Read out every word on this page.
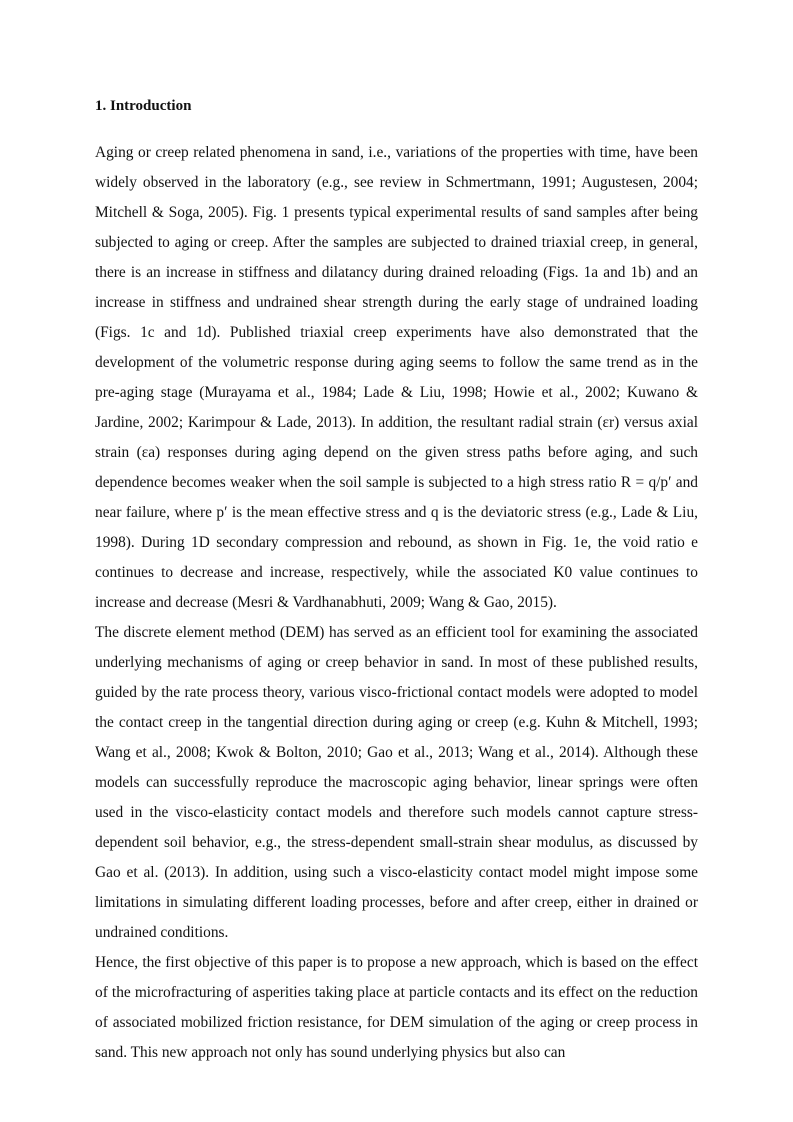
1. Introduction

Aging or creep related phenomena in sand, i.e., variations of the properties with time, have been widely observed in the laboratory (e.g., see review in Schmertmann, 1991; Augustesen, 2004; Mitchell & Soga, 2005). Fig. 1 presents typical experimental results of sand samples after being subjected to aging or creep. After the samples are subjected to drained triaxial creep, in general, there is an increase in stiffness and dilatancy during drained reloading (Figs. 1a and 1b) and an increase in stiffness and undrained shear strength during the early stage of undrained loading (Figs. 1c and 1d). Published triaxial creep experiments have also demonstrated that the development of the volumetric response during aging seems to follow the same trend as in the pre-aging stage (Murayama et al., 1984; Lade & Liu, 1998; Howie et al., 2002; Kuwano & Jardine, 2002; Karimpour & Lade, 2013). In addition, the resultant radial strain (εr) versus axial strain (εa) responses during aging depend on the given stress paths before aging, and such dependence becomes weaker when the soil sample is subjected to a high stress ratio R = q/p′ and near failure, where p′ is the mean effective stress and q is the deviatoric stress (e.g., Lade & Liu, 1998). During 1D secondary compression and rebound, as shown in Fig. 1e, the void ratio e continues to decrease and increase, respectively, while the associated K0 value continues to increase and decrease (Mesri & Vardhanabhuti, 2009; Wang & Gao, 2015).

The discrete element method (DEM) has served as an efficient tool for examining the associated underlying mechanisms of aging or creep behavior in sand. In most of these published results, guided by the rate process theory, various visco-frictional contact models were adopted to model the contact creep in the tangential direction during aging or creep (e.g. Kuhn & Mitchell, 1993; Wang et al., 2008; Kwok & Bolton, 2010; Gao et al., 2013; Wang et al., 2014). Although these models can successfully reproduce the macroscopic aging behavior, linear springs were often used in the visco-elasticity contact models and therefore such models cannot capture stress-dependent soil behavior, e.g., the stress-dependent small-strain shear modulus, as discussed by Gao et al. (2013). In addition, using such a visco-elasticity contact model might impose some limitations in simulating different loading processes, before and after creep, either in drained or undrained conditions.

Hence, the first objective of this paper is to propose a new approach, which is based on the effect of the microfracturing of asperities taking place at particle contacts and its effect on the reduction of associated mobilized friction resistance, for DEM simulation of the aging or creep process in sand. This new approach not only has sound underlying physics but also can
